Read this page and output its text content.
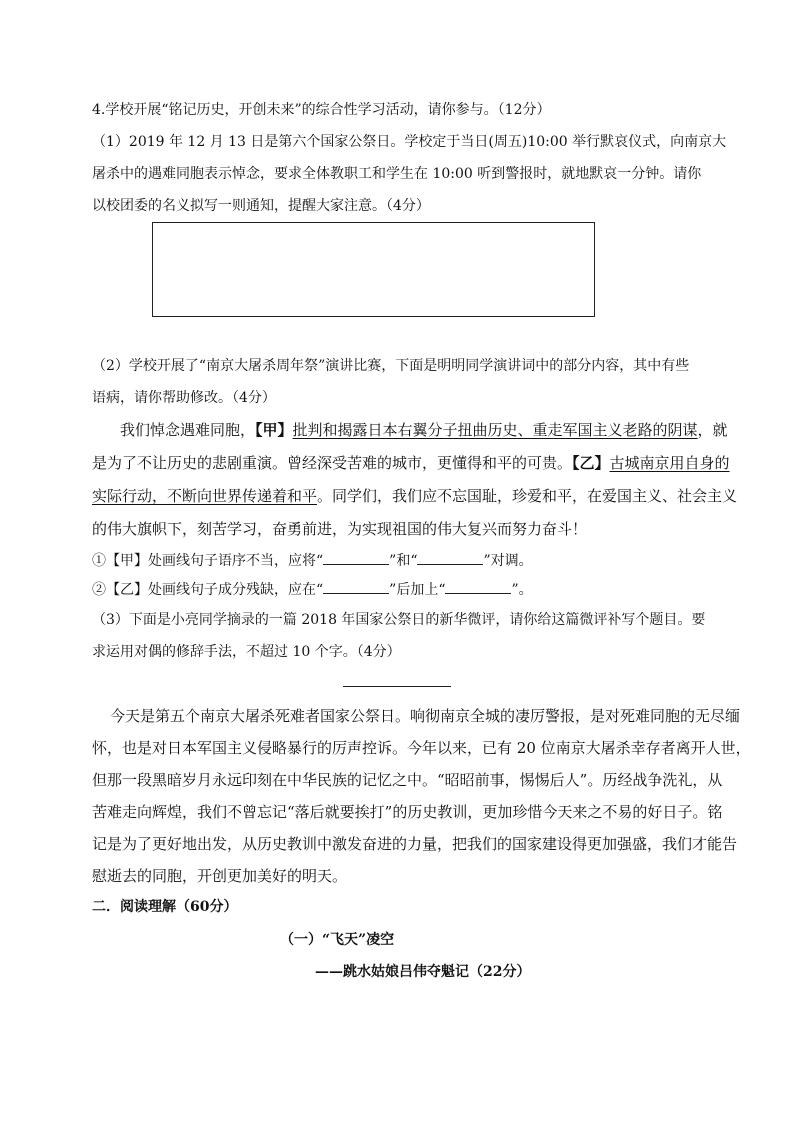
4.学校开展“铭记历史，开创未来”的综合性学习活动，请你参与。（12分）
（1）2019 年 12 月 13 日是第六个国家公祭日。学校定于当日(周五)10:00 举行默哀仪式，向南京大
屠杀中的遇难同胞表示悼念，要求全体教职工和学生在 10:00 听到警报时，就地默哀一分钟。请你
以校团委的名义拟写一则通知，提醒大家注意。（4分）
（2）学校开展了“南京大屠杀周年祭”演讲比赛，下面是明明同学演讲词中的部分内容，其中有些
语病，请你帮助修改。（4分）
我们悼念遇难同胞，【甲】批判和揭露日本右翼分子扭曲历史、重走军国主义老路的阴谋，就
是为了不让历史的悲剧重演。曾经深受苦难的城市，更懂得和平的可贵。【乙】古城南京用自身的
实际行动，不断向世界传递着和平。同学们，我们应不忘国耻，珍爱和平，在爱国主义、社会主义
的伟大旗帜下，刻苦学习，奋勇前进，为实现祖国的伟大复兴而努力奋斗！
①【甲】处画线句子语序不当，应将“	”和“	”对调。
②【乙】处画线句子成分残缺，应在“	”后加上“	”。
（3）下面是小亮同学摘录的一篇 2018 年国家公祭日的新华微评，请你给这篇微评补写个题目。要
求运用对偶的修辞手法，不超过 10 个字。（4分）
今天是第五个南京大屠杀死难者国家公祭日。响彻南京全城的凄厉警报，是对死难同胞的无尽缅
怀，也是对日本军国主义侵略暴行的厉声控诉。今年以来，已有 20 位南京大屠杀幸存者离开人世，
但那一段黑暗岁月永远印刻在中华民族的记忆之中。“昭昭前事，惕惕后人”。历经战争洗礼，从
苦难走向辉煌，我们不曾忘记“落后就要挨打”的历史教训，更加珍惜今天来之不易的好日子。铭
记是为了更好地出发，从历史教训中激发奋进的力量，把我们的国家建设得更加强盛，我们才能告
慰逝去的同胞，开创更加美好的明天。
二．阅读理解（60分）
（一）“飞天”凌空
——跳水姑娘吕伟夺魁记（22分）
